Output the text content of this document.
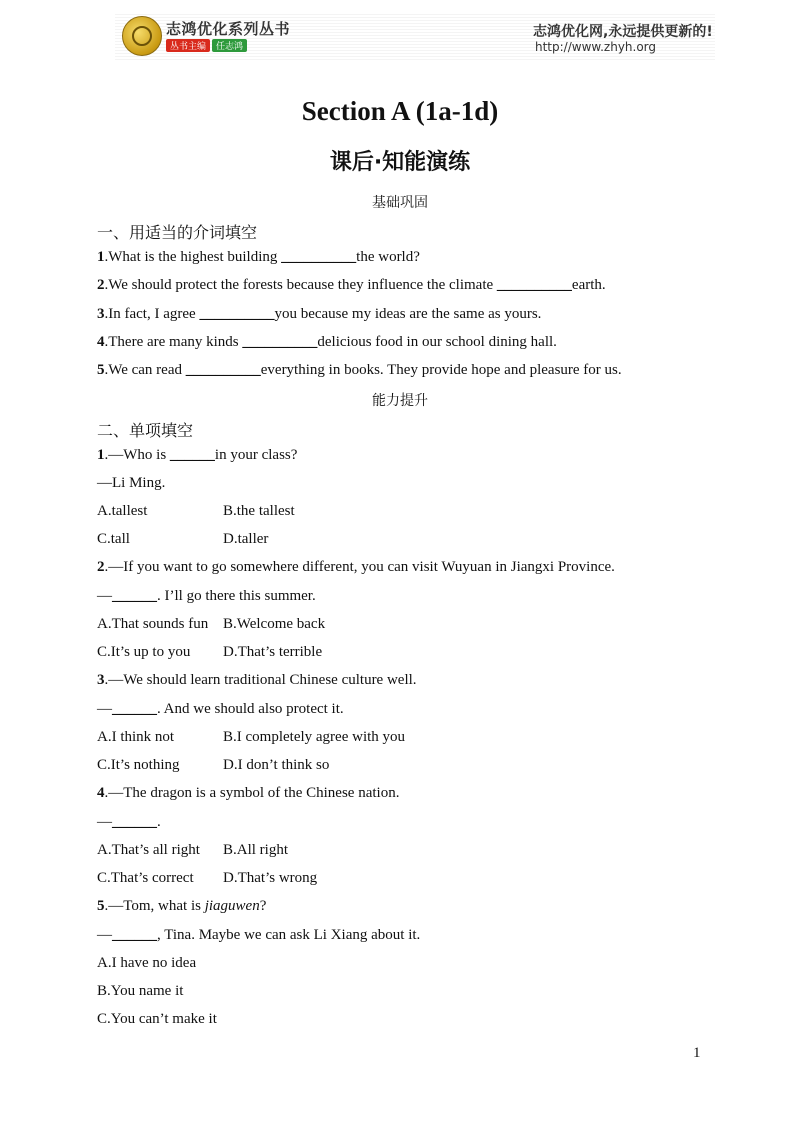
志鸿优化系列丛书
丛书主编 任志鸿
志鸿优化网,永远提供更新的!
http://www.zhyh.org
Section A (1a-1d)
课后·知能演练
基础巩固
一、用适当的介词填空
1.What is the highest building __________the world?
2.We should protect the forests because they influence the climate __________earth.
3.In fact, I agree __________you because my ideas are the same as yours.
4.There are many kinds __________delicious food in our school dining hall.
5.We can read __________everything in books. They provide hope and pleasure for us.
能力提升
二、单项填空
1.—Who is ______in your class?
—Li Ming.
A.tallest	B.the tallest
C.tall	D.taller
2.—If you want to go somewhere different, you can visit Wuyuan in Jiangxi Province.
—______. I’ll go there this summer.
A.That sounds fun B.Welcome back
C.It’s up to you D.That’s terrible
3.—We should learn traditional Chinese culture well.
—______. And we should also protect it.
A.I think not	B.I completely agree with you
C.It’s nothing	D.I don’t think so
4.—The dragon is a symbol of the Chinese nation.
—______.
A.That’s all right B.All right
C.That’s correct D.That’s wrong
5.—Tom, what is jiaguwen?
—______, Tina. Maybe we can ask Li Xiang about it.
A.I have no idea
B.You name it
C.You can’t make it
1
